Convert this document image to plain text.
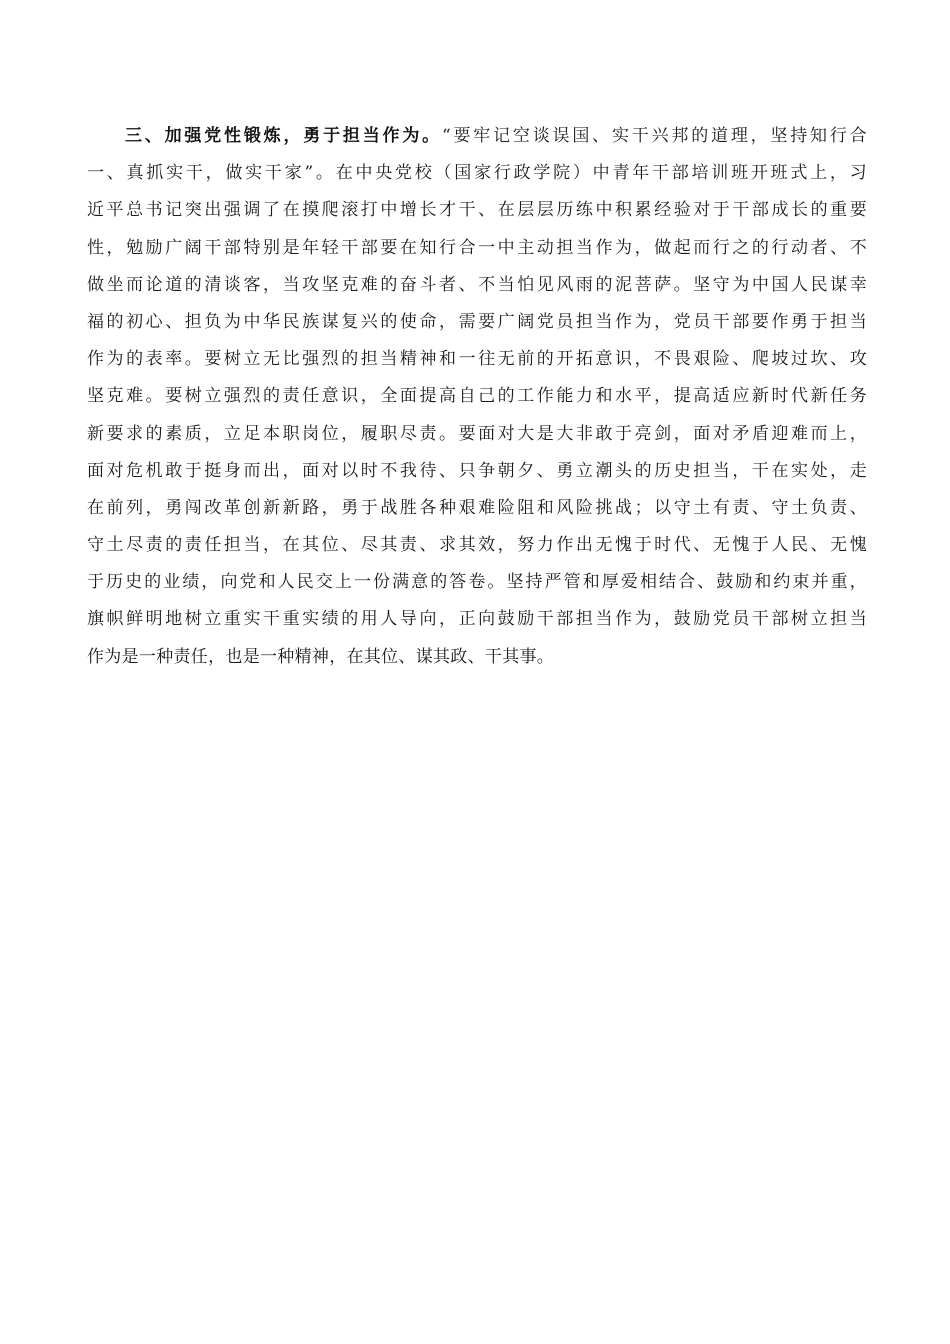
三、加强党性锻炼，勇于担当作为。“要牢记空谈误国、实干兴邦的道理，坚持知行合
一、真抓实干，做实干家”。在中央党校（国家行政学院）中青年干部培训班开班式上，习
近平总书记突出强调了在摸爬滚打中增长才干、在层层历练中积累经验对于干部成长的重要
性，勉励广阔干部特别是年轻干部要在知行合一中主动担当作为，做起而行之的行动者、不
做坐而论道的清谈客，当攻坚克难的奋斗者、不当怕见风雨的泥菩萨。坚守为中国人民谋幸
福的初心、担负为中华民族谋复兴的使命，需要广阔党员担当作为，党员干部要作勇于担当
作为的表率。要树立无比强烈的担当精神和一往无前的开拓意识，不畏艰险、爬坡过坎、攻
坚克难。要树立强烈的责任意识，全面提高自己的工作能力和水平，提高适应新时代新任务
新要求的素质，立足本职岗位，履职尽责。要面对大是大非敢于亮剑，面对矛盾迎难而上，
面对危机敢于挺身而出，面对以时不我待、只争朝夕、勇立潮头的历史担当，干在实处，走
在前列，勇闯改革创新新路，勇于战胜各种艰难险阻和风险挑战；以守土有责、守土负责、
守土尽责的责任担当，在其位、尽其责、求其效，努力作出无愧于时代、无愧于人民、无愧
于历史的业绩，向党和人民交上一份满意的答卷。坚持严管和厚爱相结合、鼓励和约束并重，
旗帜鲜明地树立重实干重实绩的用人导向，正向鼓励干部担当作为，鼓励党员干部树立担当
作为是一种责任，也是一种精神，在其位、谋其政、干其事。
